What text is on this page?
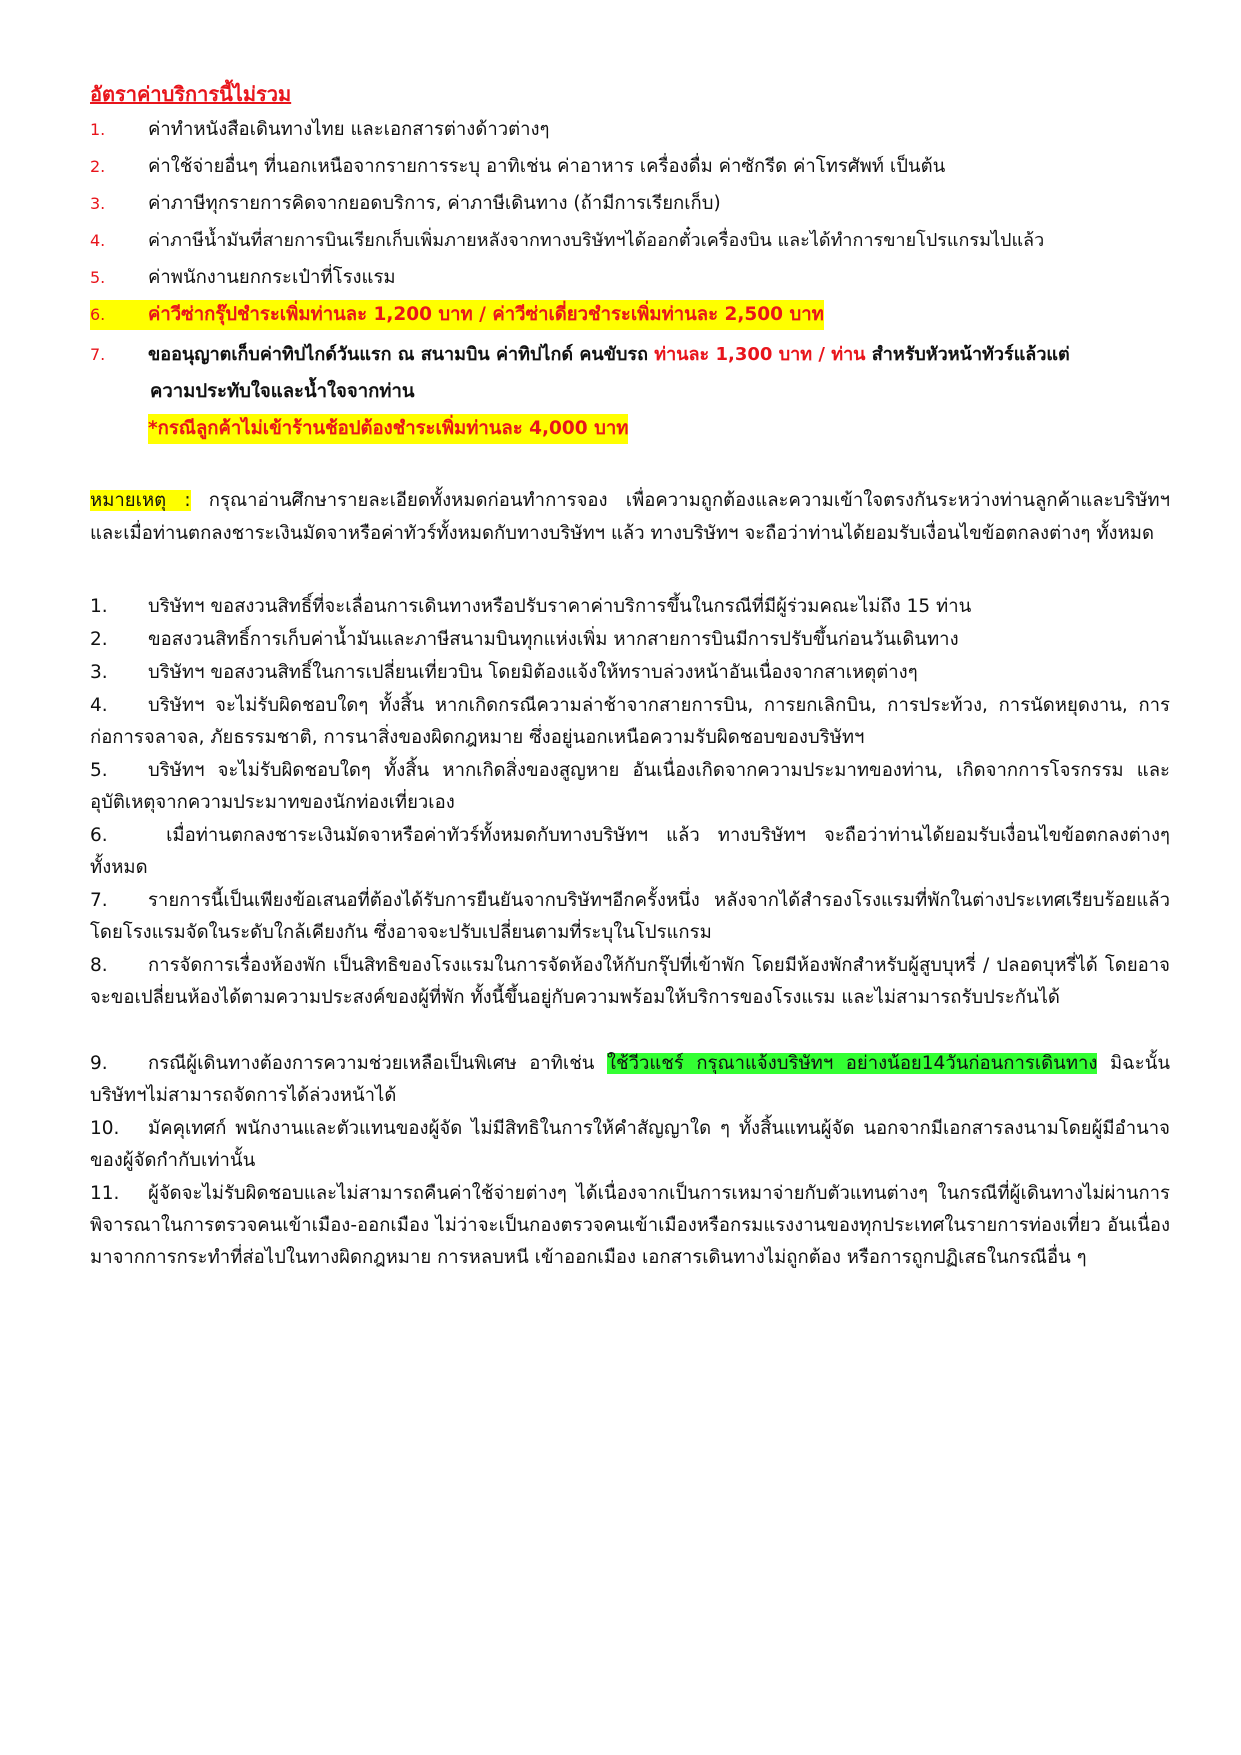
อัตราค่าบริการนี้ไม่รวม
1. ค่าทำหนังสือเดินทางไทย และเอกสารต่างด้าวต่างๆ
2. ค่าใช้จ่ายอื่นๆ ที่นอกเหนือจากรายการระบุ อาทิเช่น ค่าอาหาร เครื่องดื่ม ค่าซักรีด ค่าโทรศัพท์ เป็นต้น
3. ค่าภาษีทุกรายการคิดจากยอดบริการ, ค่าภาษีเดินทาง (ถ้ามีการเรียกเก็บ)
4. ค่าภาษีน้ำมันที่สายการบินเรียกเก็บเพิ่มภายหลังจากทางบริษัทฯได้ออกตั๋วเครื่องบิน และได้ทำการขายโปรแกรมไปแล้ว
5. ค่าพนักงานยกกระเป๋าที่โรงแรม
6.	ค่าวีซ่ากรุ๊ปชำระเพิ่มท่านละ 1,200 บาท / ค่าวีซ่าเดี่ยวชำระเพิ่มท่านละ 2,500 บาท
7. ขออนุญาตเก็บค่าทิปไกด์วันแรก ณ สนามบิน ค่าทิปไกด์ คนขับรถ ท่านละ 1,300 บาท / ท่าน สำหรับหัวหน้าทัวร์แล้วแต่
ความประทับใจและน้ำใจจากท่าน
*กรณีลูกค้าไม่เข้าร้านช้อปต้องชำระเพิ่มท่านละ 4,000 บาท
หมายเหตุ : กรุณาอ่านศึกษารายละเอียดทั้งหมดก่อนทำการจอง เพื่อความถูกต้องและความเข้าใจตรงกันระหว่างท่านลูกค้าและบริษัทฯ และเมื่อท่านตกลงชาระเงินมัดจาหรือค่าทัวร์ทั้งหมดกับทางบริษัทฯ แล้ว ทางบริษัทฯ จะถือว่าท่านได้ยอมรับเงื่อนไขข้อตกลงต่างๆ ทั้งหมด
1. บริษัทฯ ขอสงวนสิทธิ์ที่จะเลื่อนการเดินทางหรือปรับราคาค่าบริการขึ้นในกรณีที่มีผู้ร่วมคณะไม่ถึง 15 ท่าน
2. ขอสงวนสิทธิ์การเก็บค่าน้ำมันและภาษีสนามบินทุกแห่งเพิ่ม หากสายการบินมีการปรับขึ้นก่อนวันเดินทาง
3. บริษัทฯ ขอสงวนสิทธิ์ในการเปลี่ยนเที่ยวบิน โดยมิต้องแจ้งให้ทราบล่วงหน้าอันเนื่องจากสาเหตุต่างๆ
4. บริษัทฯ จะไม่รับผิดชอบใดๆ ทั้งสิ้น หากเกิดกรณีความล่าช้าจากสายการบิน, การยกเลิกบิน, การประท้วง, การนัดหยุดงาน, การก่อการจลาจล, ภัยธรรมชาติ, การนาสิ่งของผิดกฎหมาย ซึ่งอยู่นอกเหนือความรับผิดชอบของบริษัทฯ
5. บริษัทฯ จะไม่รับผิดชอบใดๆ ทั้งสิ้น หากเกิดสิ่งของสูญหาย อันเนื่องเกิดจากความประมาทของท่าน, เกิดจากการโจรกรรม และ อุบัติเหตุจากความประมาทของนักท่องเที่ยวเอง
6. เมื่อท่านตกลงชาระเงินมัดจาหรือค่าทัวร์ทั้งหมดกับทางบริษัทฯ แล้ว ทางบริษัทฯ จะถือว่าท่านได้ยอมรับเงื่อนไขข้อตกลงต่างๆ ทั้งหมด
7. รายการนี้เป็นเพียงข้อเสนอที่ต้องได้รับการยืนยันจากบริษัทฯอีกครั้งหนึ่ง หลังจากได้สำรองโรงแรมที่พักในต่างประเทศเรียบร้อยแล้ว โดยโรงแรมจัดในระดับใกล้เคียงกัน ซึ่งอาจจะปรับเปลี่ยนตามที่ระบุในโปรแกรม
8. การจัดการเรื่องห้องพัก เป็นสิทธิของโรงแรมในการจัดห้องให้กับกรุ๊ปที่เข้าพัก โดยมีห้องพักสำหรับผู้สูบบุหรี่ / ปลอดบุหรี่ได้ โดยอาจจะขอเปลี่ยนห้องได้ตามความประสงค์ของผู้ที่พัก ทั้งนี้ขึ้นอยู่กับความพร้อมให้บริการของโรงแรม และไม่สามารถรับประกันได้
9. กรณีผู้เดินทางต้องการความช่วยเหลือเป็นพิเศษ อาทิเช่น ใช้วีวแชร์ กรุณาแจ้งบริษัทฯ อย่างน้อย14วันก่อนการเดินทาง มิฉะนั้น บริษัทฯไม่สามารถจัดการได้ล่วงหน้าได้
10. มัคคุเทศก์ พนักงานและตัวแทนของผู้จัด ไม่มีสิทธิในการให้คำสัญญาใด ๆ ทั้งสิ้นแทนผู้จัด นอกจากมีเอกสารลงนามโดยผู้มีอำนาจของผู้จัดกำกับเท่านั้น
11. ผู้จัดจะไม่รับผิดชอบและไม่สามารถคืนค่าใช้จ่ายต่างๆ ได้เนื่องจากเป็นการเหมาจ่ายกับตัวแทนต่างๆ ในกรณีที่ผู้เดินทางไม่ผ่านการพิจารณาในการตรวจคนเข้าเมือง-ออกเมือง ไม่ว่าจะเป็นกองตรวจคนเข้าเมืองหรือกรมแรงงานของทุกประเทศในรายการท่องเที่ยว อันเนื่องมาจากการกระทำที่ส่อไปในทางผิดกฎหมาย การหลบหนี เข้าออกเมือง เอกสารเดินทางไม่ถูกต้อง หรือการถูกปฏิเสธในกรณีอื่น ๆ
